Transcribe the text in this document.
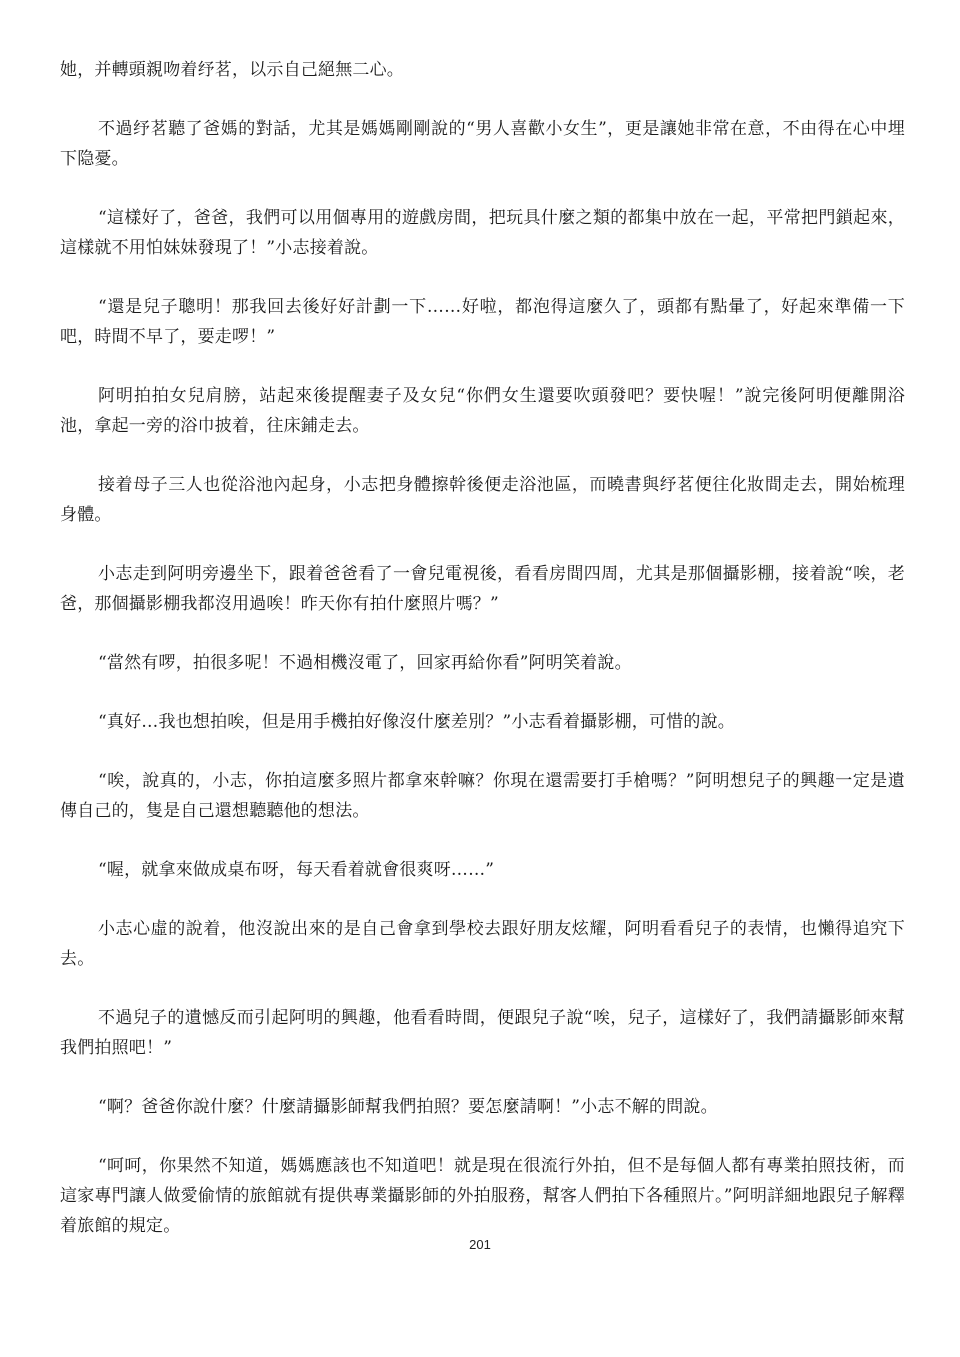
她，并轉頭親吻着纾茗，以示自己絕無二心。

不過纾茗聽了爸媽的對話，尤其是媽媽剛剛說的“男人喜歡小女生”，更是讓她非常在意，不由得在心中埋下隐憂。

“這樣好了，爸爸，我們可以用個專用的遊戲房間，把玩具什麼之類的都集中放在一起，平常把門鎖起來，這樣就不用怕妹妹發現了！”小志接着說。

“還是兒子聰明！那我回去後好好計劃一下……好啦，都泡得這麼久了，頭都有點暈了，好起來準備一下吧，時間不早了，要走啰！”

阿明拍拍女兒肩膀，站起來後提醒妻子及女兒“你們女生還要吹頭發吧？要快喔！”說完後阿明便離開浴池，拿起一旁的浴巾披着，往床鋪走去。

接着母子三人也從浴池內起身，小志把身體擦幹後便走浴池區，而曉書與纾茗便往化妝間走去，開始梳理身體。

小志走到阿明旁邊坐下，跟着爸爸看了一會兒電視後，看看房間四周，尤其是那個攝影棚，接着說“唉，老爸，那個攝影棚我都沒用過唉！昨天你有拍什麼照片嗎？”

“當然有啰，拍很多呢！不過相機沒電了，回家再給你看”阿明笑着說。

“真好…我也想拍唉，但是用手機拍好像沒什麼差別？”小志看着攝影棚，可惜的說。

“唉，說真的，小志，你拍這麼多照片都拿來幹嘛？你現在還需要打手槍嗎？”阿明想兒子的興趣一定是遺傳自己的，隻是自己還想聽聽他的想法。

“喔，就拿來做成桌布呀，每天看着就會很爽呀……”

小志心虛的說着，他沒說出來的是自己會拿到學校去跟好朋友炫耀，阿明看看兒子的表情，也懶得追究下去。

不過兒子的遺憾反而引起阿明的興趣，他看看時間，便跟兒子說“唉，兒子，這樣好了，我們請攝影師來幫我們拍照吧！”

“啊？爸爸你說什麼？什麼請攝影師幫我們拍照？要怎麼請啊！”小志不解的問說。

“呵呵，你果然不知道，媽媽應該也不知道吧！就是現在很流行外拍，但不是每個人都有專業拍照技術，而這家專門讓人做愛偷情的旅館就有提供專業攝影師的外拍服務，幫客人們拍下各種照片。”阿明詳細地跟兒子解釋着旅館的規定。

201
